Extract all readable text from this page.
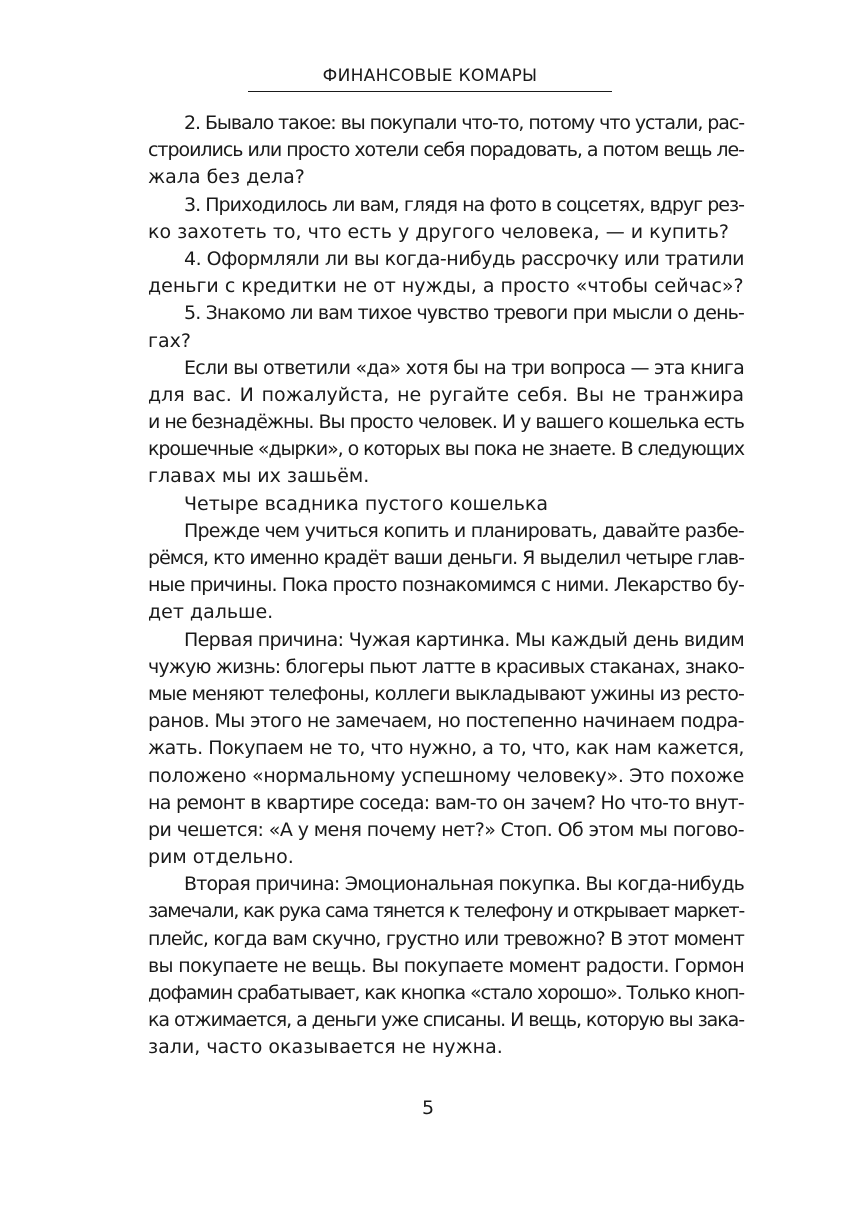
ФИНАНСОВЫЕ КОМАРЫ
2. Бывало такое: вы покупали что-то, потому что устали, рас-
строились или просто хотели себя порадовать, а потом вещь ле-
жала без дела?
3. Приходилось ли вам, глядя на фото в соцсетях, вдруг рез-
ко захотеть то, что есть у другого человека, — и купить?
4. Оформляли ли вы когда-нибудь рассрочку или тратили
деньги с кредитки не от нужды, а просто «чтобы сейчас»?
5. Знакомо ли вам тихое чувство тревоги при мысли о день-
гах?
Если вы ответили «да» хотя бы на три вопроса — эта книга
для вас. И пожалуйста, не ругайте себя. Вы не транжира
и не безнадёжны. Вы просто человек. И у вашего кошелька есть
крошечные «дырки», о которых вы пока не знаете. В следующих
главах мы их зашьём.
Четыре всадника пустого кошелька
Прежде чем учиться копить и планировать, давайте разбе-
рёмся, кто именно крадёт ваши деньги. Я выделил четыре глав-
ные причины. Пока просто познакомимся с ними. Лекарство бу-
дет дальше.
Первая причина: Чужая картинка. Мы каждый день видим
чужую жизнь: блогеры пьют латте в красивых стаканах, знако-
мые меняют телефоны, коллеги выкладывают ужины из ресто-
ранов. Мы этого не замечаем, но постепенно начинаем подра-
жать. Покупаем не то, что нужно, а то, что, как нам кажется,
положено «нормальному успешному человеку». Это похоже
на ремонт в квартире соседа: вам-то он зачем? Но что-то внут-
ри чешется: «А у меня почему нет?» Стоп. Об этом мы погово-
рим отдельно.
Вторая причина: Эмоциональная покупка. Вы когда-нибудь
замечали, как рука сама тянется к телефону и открывает маркет-
плейс, когда вам скучно, грустно или тревожно? В этот момент
вы покупаете не вещь. Вы покупаете момент радости. Гормон
дофамин срабатывает, как кнопка «стало хорошо». Только кноп-
ка отжимается, а деньги уже списаны. И вещь, которую вы зака-
зали, часто оказывается не нужна.
5
